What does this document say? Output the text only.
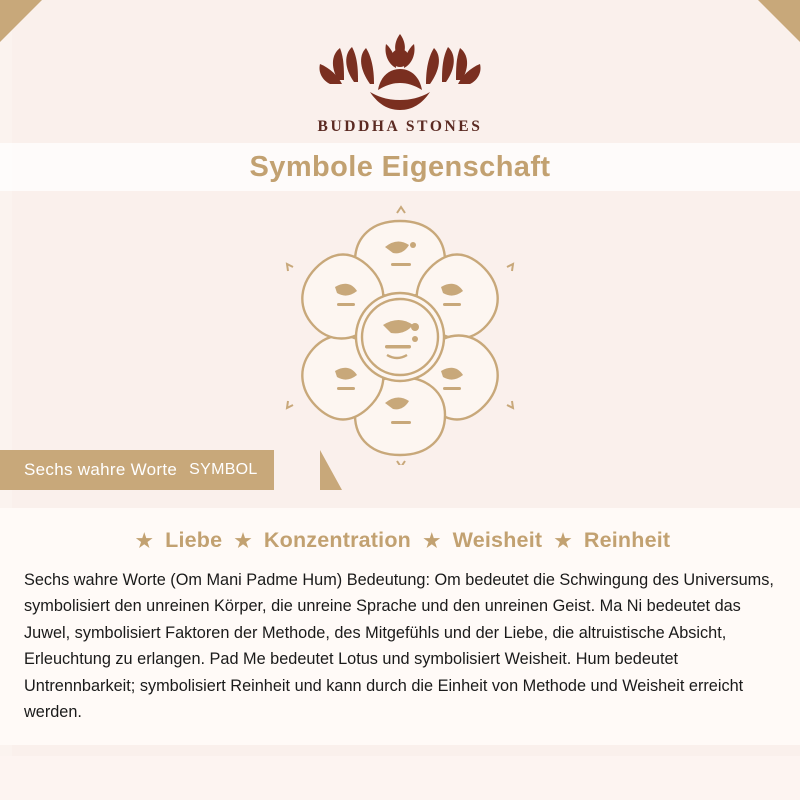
BUDDHA STONES
Symbole Eigenschaft
Sechs wahre Worte SYMBOL
★ Liebe ★ Konzentration ★ Weisheit ★ Reinheit
Sechs wahre Worte (Om Mani Padme Hum) Bedeutung: Om bedeutet die Schwingung des Universums, symbolisiert den unreinen Körper, die unreine Sprache und den unreinen Geist. Ma Ni bedeutet das Juwel, symbolisiert Faktoren der Methode, des Mitgefühls und der Liebe, die altruistische Absicht, Erleuchtung zu erlangen. Pad Me bedeutet Lotus und symbolisiert Weisheit. Hum bedeutet Untrennbarkeit; symbolisiert Reinheit und kann durch die Einheit von Methode und Weisheit erreicht werden.
